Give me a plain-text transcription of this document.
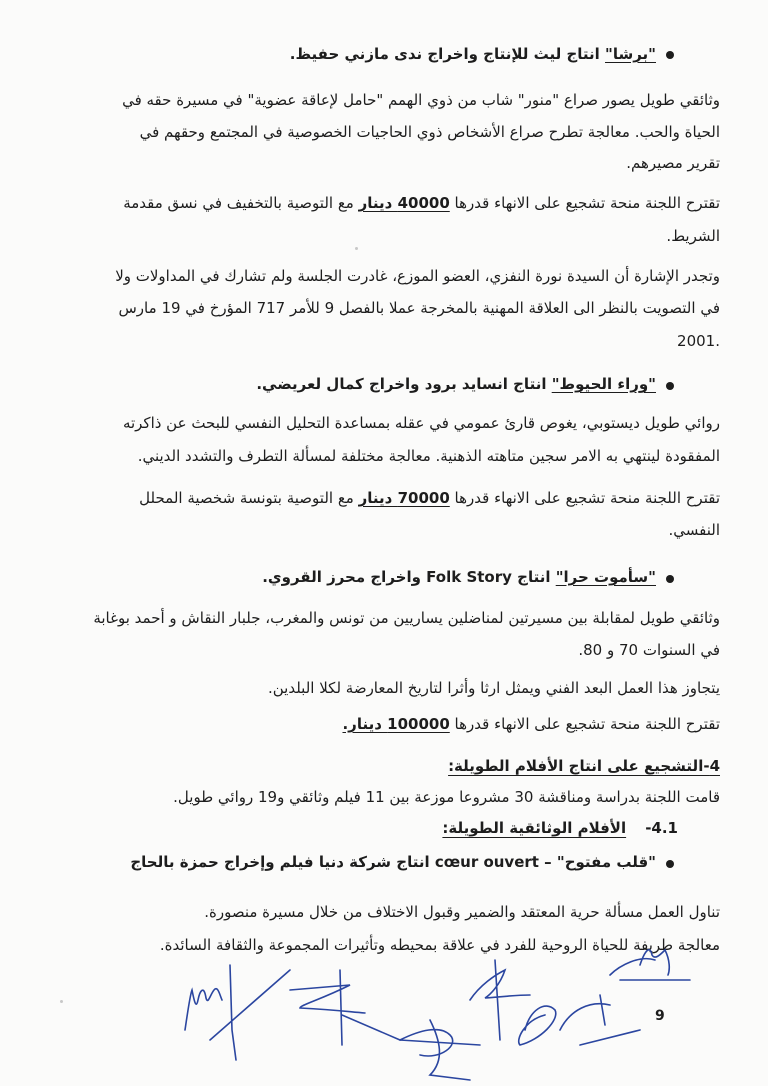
"برشا" انتاج ليث للإنتاج واخراج ندى مازني حفيظ.
وثائقي طويل يصور صراع "منور" شاب من ذوي الهمم "حامل لإعاقة عضوية" في مسيرة حقه في
الحياة والحب. معالجة تطرح صراع الأشخاص ذوي الحاجيات الخصوصية في المجتمع وحقهم في
تقرير مصيرهم.
تقترح اللجنة منحة تشجيع على الانهاء قدرها 40000 دينار مع التوصية بالتخفيف في نسق مقدمة
الشريط.
وتجدر الإشارة أن السيدة نورة النفزي، العضو الموزع، غادرت الجلسة ولم تشارك في المداولات ولا
في التصويت بالنظر الى العلاقة المهنية بالمخرجة عملا بالفصل 9 للأمر 717 المؤرخ في 19 مارس
.2001
"وراء الحيوط" انتاج انسايد برود واخراج كمال لعريضي.
روائي طويل ديستوبي، يغوص قارئ عمومي في عقله بمساعدة التحليل النفسي للبحث عن ذاكرته
المفقودة لينتهي به الامر سجين متاهته الذهنية. معالجة مختلفة لمسألة التطرف والتشدد الديني.
تقترح اللجنة منحة تشجيع على الانهاء قدرها 70000 دينار مع التوصية بتونسة شخصية المحلل
النفسي.
"سأموت حرا" انتاج Folk Story واخراج محرز القروي.
وثائقي طويل لمقابلة بين مسيرتين لمناضلين يساريين من تونس والمغرب، جلبار النقاش و أحمد بوغابة
في السنوات 70 و 80.
يتجاوز هذا العمل البعد الفني ويمثل ارثا وأثرا لتاريخ المعارضة لكلا البلدين.
تقترح اللجنة منحة تشجيع على الانهاء قدرها 100000 دينار.
4-التشجيع على انتاج الأفلام الطويلة:
قامت اللجنة بدراسة ومناقشة 30 مشروعا موزعة بين 11 فيلم وثائقي و19 روائي طويل.
4.1-    الأفلام الوثائقية الطويلة:
"قلب مفتوح" – cœur ouvert انتاج شركة دنيا فيلم وإخراج حمزة بالحاج
تناول العمل مسألة حرية المعتقد والضمير وقبول الاختلاف من خلال مسيرة منصورة.
معالجة طريفة للحياة الروحية للفرد في علاقة بمحيطه وتأثيرات المجموعة والثقافة السائدة.
9
